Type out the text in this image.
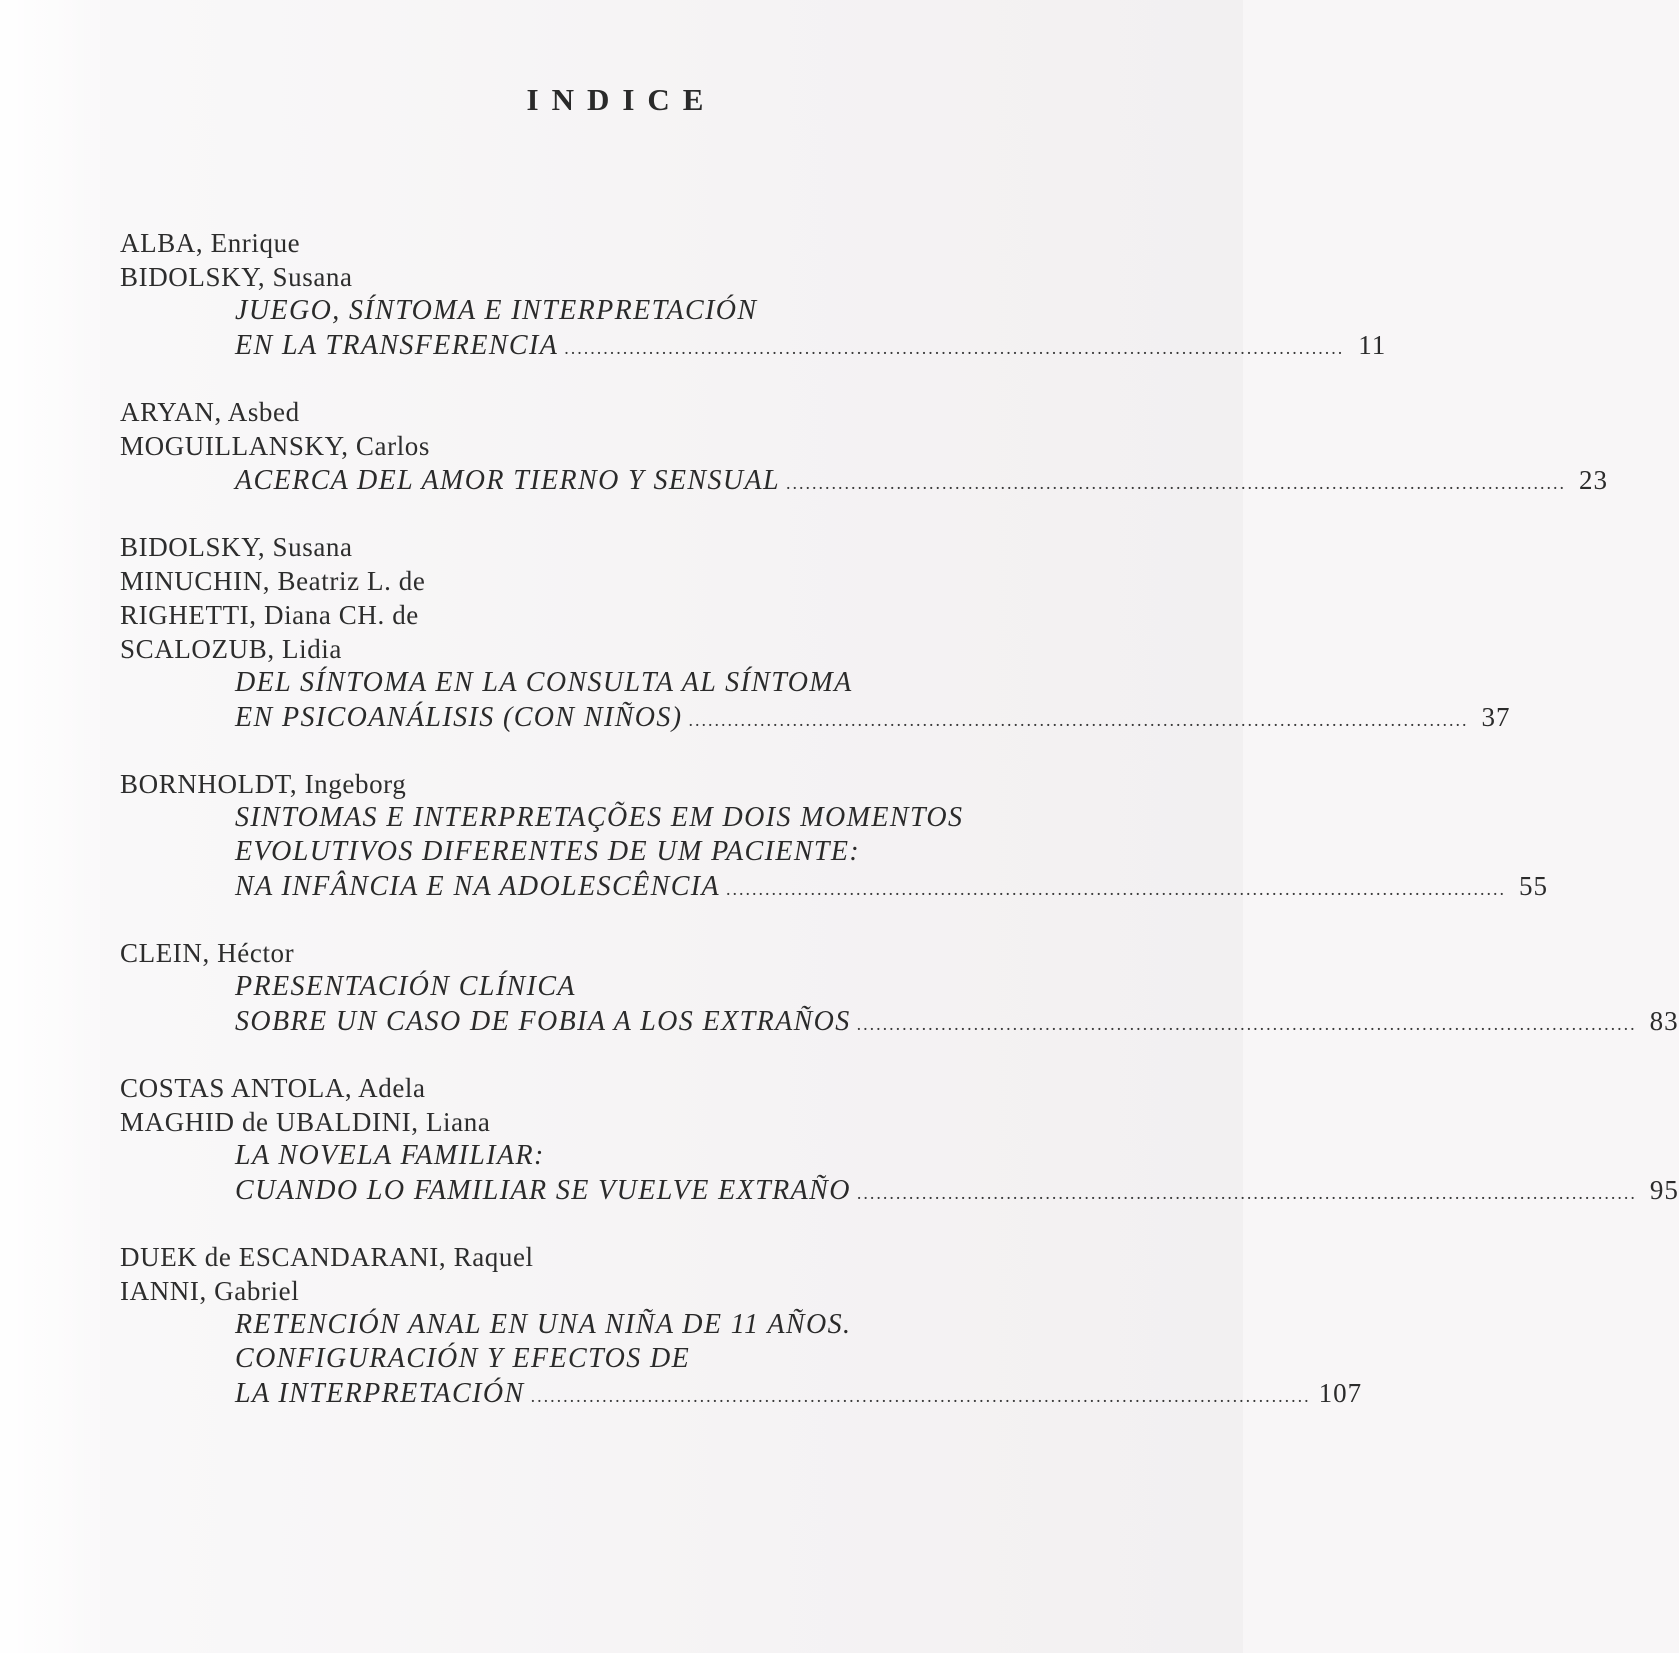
INDICE
ALBA, Enrique
BIDOLSKY, Susana
JUEGO, SÍNTOMA E INTERPRETACIÓN
EN LA TRANSFERENCIA ........................................................................................................................ 11
ARYAN, Asbed
MOGUILLANSKY, Carlos
ACERCA DEL AMOR TIERNO Y SENSUAL ........................................................................................................................ 23
BIDOLSKY, Susana
MINUCHIN, Beatriz L. de
RIGHETTI, Diana CH. de
SCALOZUB, Lidia
DEL SÍNTOMA EN LA CONSULTA AL SÍNTOMA
EN PSICOANÁLISIS (CON NIÑOS) ........................................................................................................................ 37
BORNHOLDT, Ingeborg
SINTOMAS E INTERPRETAÇÕES EM DOIS MOMENTOS
EVOLUTIVOS DIFERENTES DE UM PACIENTE:
NA INFÂNCIA E NA ADOLESCÊNCIA ........................................................................................................................ 55
CLEIN, Héctor
PRESENTACIÓN CLÍNICA
SOBRE UN CASO DE FOBIA A LOS EXTRAÑOS ........................................................................................................................ 83
COSTAS ANTOLA, Adela
MAGHID de UBALDINI, Liana
LA NOVELA FAMILIAR:
CUANDO LO FAMILIAR SE VUELVE EXTRAÑO ........................................................................................................................ 95
DUEK de ESCANDARANI, Raquel
IANNI, Gabriel
RETENCIÓN ANAL EN UNA NIÑA DE 11 AÑOS.
CONFIGURACIÓN Y EFECTOS DE
LA INTERPRETACIÓN ........................................................................................................................ 107
